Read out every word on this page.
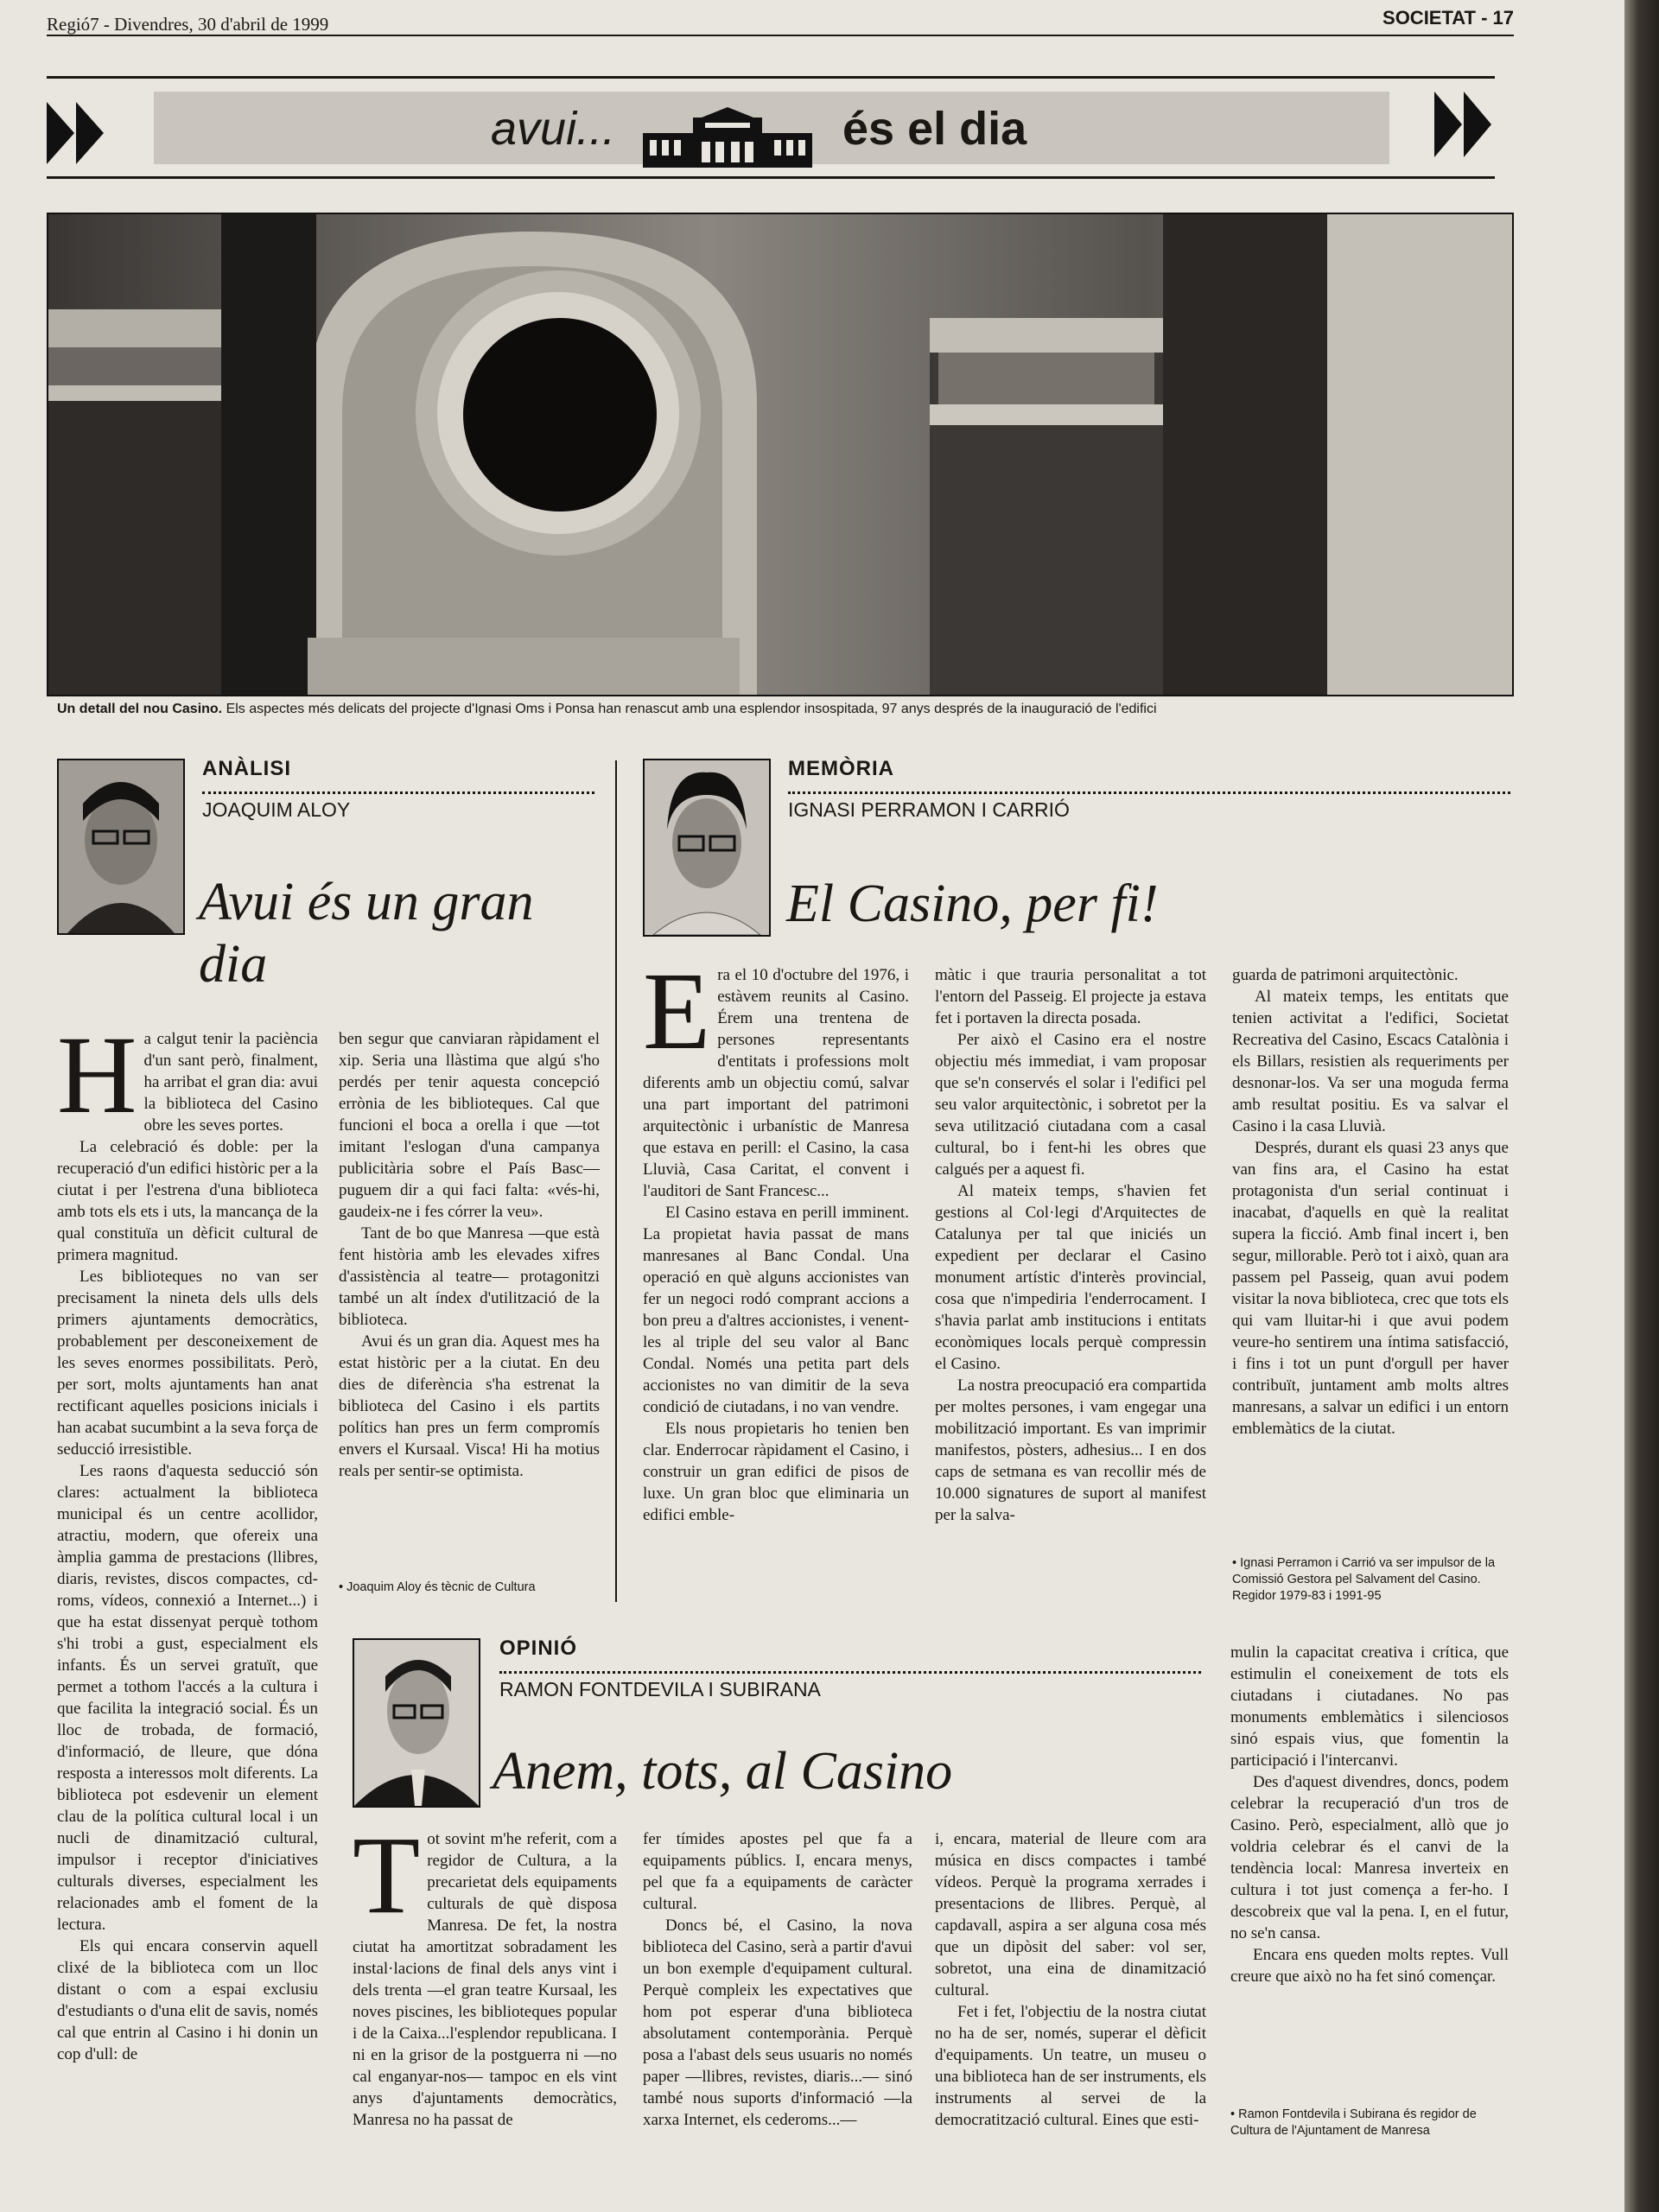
Regió7 - Divendres, 30 d'abril de 1999	SOCIETAT - 17
avui...	és el dia
Un detall del nou Casino. Els aspectes més delicats del projecte d'Ignasi Oms i Ponsa han renascut amb una esplendor insospitada, 97 anys després de la inauguració de l'edifici
ANÀLISI
JOAQUIM ALOY
Avui és un gran dia
H a calgut tenir la paciència d'un sant però, finalment, ha arribat el gran dia: avui la biblioteca del Casino obre les seves portes.

La celebració és doble: per la recuperació d'un edifici històric per a la ciutat i per l'estrena d'una biblioteca amb tots els ets i uts, la mancança de la qual constituïa un dèficit cultural de primera magnitud.

Les biblioteques no van ser precisament la nineta dels ulls dels primers ajuntaments democràtics, probablement per desconeixement de les seves enormes possibilitats. Però, per sort, molts ajuntaments han anat rectificant aquelles posicions inicials i han acabat sucumbint a la seva força de seducció irresistible.

Les raons d'aquesta seducció són clares: actualment la biblioteca municipal és un centre acollidor, atractiu, modern, que ofereix una àmplia gamma de prestacions (llibres, diaris, revistes, discos compactes, cd-roms, vídeos, connexió a Internet...) i que ha estat dissenyat perquè tothom s'hi trobi a gust, especialment els infants. És un servei gratuït, que permet a tothom l'accés a la cultura i que facilita la integració social. És un lloc de trobada, de formació, d'informació, de lleure, que dóna resposta a interessos molt diferents. La biblioteca pot esdevenir un element clau de la política cultural local i un nucli de dinamització cultural, impulsor i receptor d'iniciatives culturals diverses, especialment les relacionades amb el foment de la lectura.

Els qui encara conservin aquell clixé de la biblioteca com un lloc distant o com a espai exclusiu d'estudiants o d'una elit de savis, només cal que entrin al Casino i hi donin un cop d'ull: de

ben segur que canviaran ràpidament el xip. Seria una llàstima que algú s'ho perdés per tenir aquesta concepció errònia de les biblioteques. Cal que funcioni el boca a orella i que —tot imitant l'eslogan d'una campanya publicitària sobre el País Basc— puguem dir a qui faci falta: «vés-hi, gaudeix-ne i fes córrer la veu».

Tant de bo que Manresa —que està fent història amb les elevades xifres d'assistència al teatre— protagonitzi també un alt índex d'utilització de la biblioteca.

Avui és un gran dia. Aquest mes ha estat històric per a la ciutat. En deu dies de diferència s'ha estrenat la biblioteca del Casino i els partits polítics han pres un ferm compromís envers el Kursaal. Visca! Hi ha motius reals per sentir-se optimista.

• Joaquim Aloy és tècnic de Cultura
MEMÒRIA
IGNASI PERRAMON I CARRIÓ
El Casino, per fi!
E ra el 10 d'octubre del 1976, i estàvem reunits al Casino. Érem una trentena de persones representants d'entitats i professions molt diferents amb un objectiu comú, salvar una part important del patrimoni arquitectònic i urbanístic de Manresa que estava en perill: el Casino, la casa Lluvià, Casa Caritat, el convent i l'auditori de Sant Francesc...

El Casino estava en perill imminent. La propietat havia passat de mans manresanes al Banc Condal. Una operació en què alguns accionistes van fer un negoci rodó comprant accions a bon preu a d'altres accionistes, i venent-les al triple del seu valor al Banc Condal. Només una petita part dels accionistes no van dimitir de la seva condició de ciutadans, i no van vendre.

Els nous propietaris ho tenien ben clar. Enderrocar ràpidament el Casino, i construir un gran edifici de pisos de luxe. Un gran bloc que eliminaria un edifici emble-

màtic i que trauria personalitat a tot l'entorn del Passeig. El projecte ja estava fet i portaven la directa posada.

Per això el Casino era el nostre objectiu més immediat, i vam proposar que se'n conservés el solar i l'edifici pel seu valor arquitectònic, i sobretot per la seva utilització ciutadana com a casal cultural, bo i fent-hi les obres que calgués per a aquest fi.

Al mateix temps, s'havien fet gestions al Col·legi d'Arquitectes de Catalunya per tal que iniciés un expedient per declarar el Casino monument artístic d'interès provincial, cosa que n'impediria l'enderrocament. I s'havia parlat amb institucions i entitats econòmiques locals perquè compressin el Casino.

La nostra preocupació era compartida per moltes persones, i vam engegar una mobilització important. Es van imprimir manifestos, pòsters, adhesius... I en dos caps de setmana es van recollir més de 10.000 signatures de suport al manifest per la salva-

guarda de patrimoni arquitectònic.

Al mateix temps, les entitats que tenien activitat a l'edifici, Societat Recreativa del Casino, Escacs Catalònia i els Billars, resistien als requeriments per desnonar-los. Va ser una moguda ferma amb resultat positiu. Es va salvar el Casino i la casa Lluvià.

Després, durant els quasi 23 anys que van fins ara, el Casino ha estat protagonista d'un serial continuat i inacabat, d'aquells en què la realitat supera la ficció. Amb final incert i, ben segur, millorable. Però tot i això, quan ara passem pel Passeig, quan avui podem visitar la nova biblioteca, crec que tots els qui vam lluitar-hi i que avui podem veure-ho sentirem una íntima satisfacció, i fins i tot un punt d'orgull per haver contribuït, juntament amb molts altres manresans, a salvar un edifici i un entorn emblemàtics de la ciutat.

• Ignasi Perramon i Carrió va ser impulsor de la Comissió Gestora pel Salvament del Casino. Regidor 1979-83 i 1991-95
OPINIÓ
RAMON FONTDEVILA I SUBIRANA
Anem, tots, al Casino
T ot sovint m'he referit, com a regidor de Cultura, a la precarietat dels equipaments culturals de què disposa Manresa. De fet, la nostra ciutat ha amortitzat sobradament les instal·lacions de final dels anys vint i dels trenta —el gran teatre Kursaal, les noves piscines, les biblioteques popular i de la Caixa...l'esplendor republicana. I ni en la grisor de la postguerra ni —no cal enganyar-nos— tampoc en els vint anys d'ajuntaments democràtics, Manresa no ha passat de

fer tímides apostes pel que fa a equipaments públics. I, encara menys, pel que fa a equipaments de caràcter cultural.

Doncs bé, el Casino, la nova biblioteca del Casino, serà a partir d'avui un bon exemple d'equipament cultural. Perquè compleix les expectatives que hom pot esperar d'una biblioteca absolutament contemporània. Perquè posa a l'abast dels seus usuaris no només paper —llibres, revistes, diaris...— sinó també nous suports d'informació —la xarxa Internet, els cederoms...—

i, encara, material de lleure com ara música en discs compactes i també vídeos. Perquè la programa xerrades i presentacions de llibres. Perquè, al capdavall, aspira a ser alguna cosa més que un dipòsit del saber: vol ser, sobretot, una eina de dinamització cultural.

Fet i fet, l'objectiu de la nostra ciutat no ha de ser, només, superar el dèficit d'equipaments. Un teatre, un museu o una biblioteca han de ser instruments, els instruments al servei de la democratització cultural. Eines que esti-

mulin la capacitat creativa i crítica, que estimulin el coneixement de tots els ciutadans i ciutadanes. No pas monuments emblemàtics i silenciosos sinó espais vius, que fomentin la participació i l'intercanvi.

Des d'aquest divendres, doncs, podem celebrar la recuperació d'un tros de Casino. Però, especialment, allò que jo voldria celebrar és el canvi de la tendència local: Manresa inverteix en cultura i tot just comença a fer-ho. I descobreix que val la pena. I, en el futur, no se'n cansa.

Encara ens queden molts reptes. Vull creure que això no ha fet sinó començar.

• Ramon Fontdevila i Subirana és regidor de Cultura de l'Ajuntament de Manresa
